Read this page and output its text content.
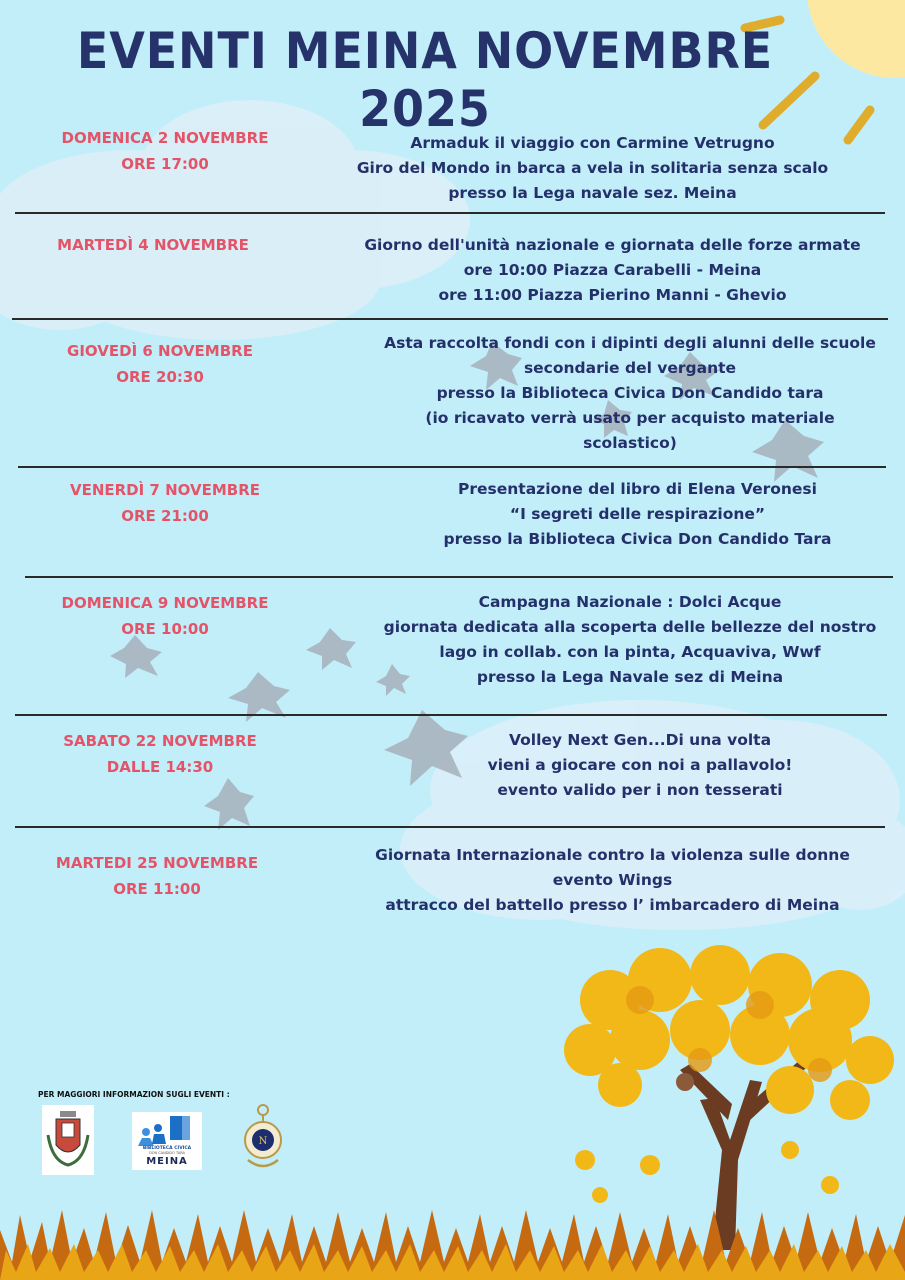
EVENTI MEINA NOVEMBRE 2025
DOMENICA 2 NOVEMBRE
ORE 17:00
Armaduk il viaggio con Carmine Vetrugno
Giro del Mondo in barca a vela in solitaria senza scalo
presso la Lega navale sez. Meina
MARTEDÌ 4 NOVEMBRE	Giorno dell'unità nazionale e giornata delle forze armate
ore 10:00 Piazza Carabelli - Meina
ore 11:00 Piazza Pierino Manni - Ghevio
GIOVEDÌ 6 NOVEMBRE
ORE 20:30
Asta raccolta fondi con i dipinti degli alunni delle scuole
secondarie del vergante
presso la Biblioteca Civica Don Candido tara
(io ricavato verrà usato per acquisto materiale
scolastico)
VENERDÌ 7 NOVEMBRE
ORE 21:00
Presentazione del libro di Elena Veronesi
“I segreti delle respirazione”
presso la Biblioteca Civica Don Candido Tara
DOMENICA 9 NOVEMBRE
ORE 10:00
Campagna Nazionale : Dolci Acque
giornata dedicata alla scoperta delle bellezze del nostro
lago in collab. con la pinta, Acquaviva, Wwf
presso la Lega Navale sez di Meina
SABATO 22 NOVEMBRE
DALLE 14:30
Volley Next Gen...Di una volta
vieni a giocare con noi a pallavolo!
evento valido per i non tesserati
MARTEDI 25 NOVEMBRE
ORE 11:00
Giornata Internazionale contro la violenza sulle donne
evento Wings
attracco del battello presso l’ imbarcadero di Meina
PER MAGGIORI INFORMAZION SUGLI EVENTI :
BIBLIOTECA CIVICA
DON CANDIDO TARA
MEINA
N
